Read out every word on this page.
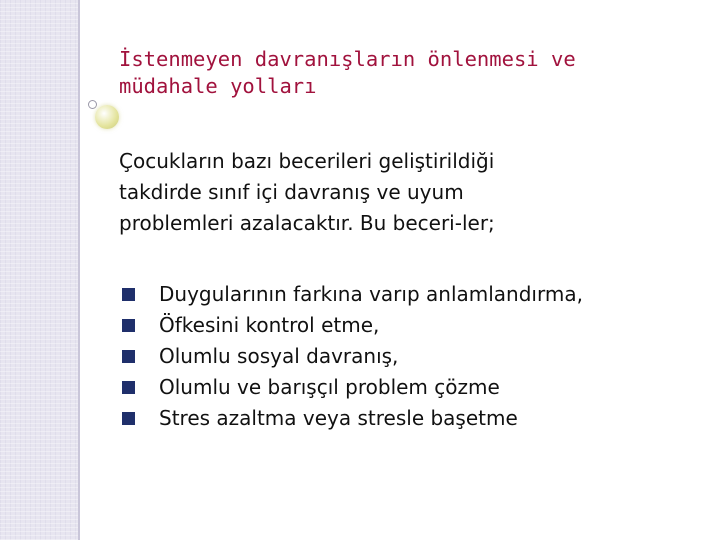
İstenmeyen davranışların önlenmesi ve
müdahale yolları
Çocukların bazı becerileri geliştirildiği
takdirde sınıf içi davranış ve uyum
problemleri azalacaktır. Bu beceri-ler;
Duygularının farkına varıp anlamlandırma,
Öfkesini kontrol etme,
Olumlu sosyal davranış,
Olumlu ve barışçıl problem çözme
Stres azaltma veya stresle başetme
